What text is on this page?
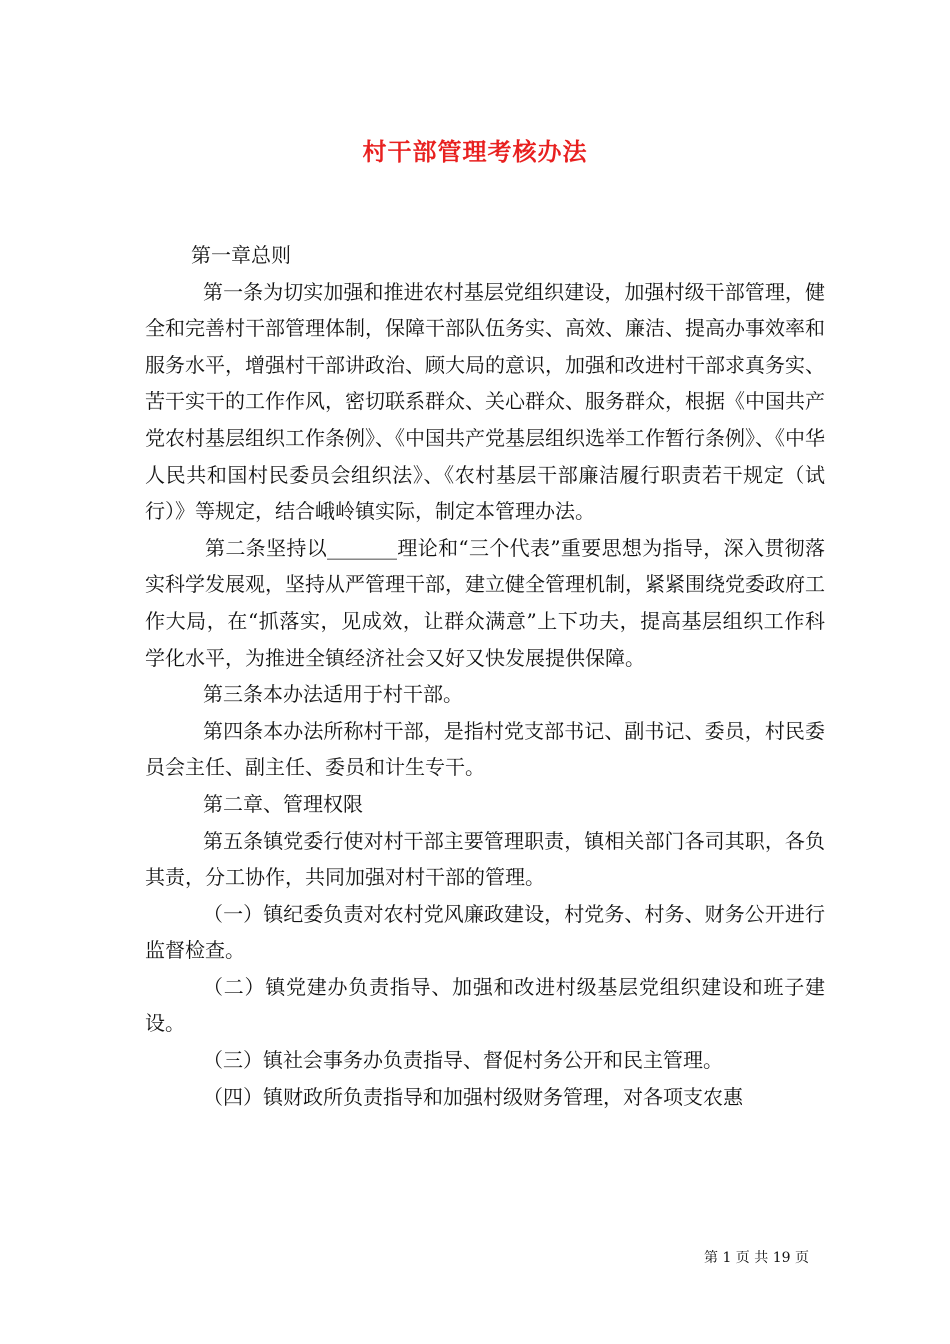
村干部管理考核办法

第一章总则

第一条为切实加强和推进农村基层党组织建设，加强村级干部管理，健全和完善村干部管理体制，保障干部队伍务实、高效、廉洁、提高办事效率和服务水平，增强村干部讲政治、顾大局的意识，加强和改进村干部求真务实、苦干实干的工作作风，密切联系群众、关心群众、服务群众，根据《中国共产党农村基层组织工作条例》、《中国共产党基层组织选举工作暂行条例》、《中华人民共和国村民委员会组织法》、《农村基层干部廉洁履行职责若干规定（试行）》等规定，结合峨岭镇实际，制定本管理办法。

第二条坚持以_______理论和“三个代表”重要思想为指导，深入贯彻落实科学发展观，坚持从严管理干部，建立健全管理机制，紧紧围绕党委政府工作大局，在“抓落实，见成效，让群众满意”上下功夫，提高基层组织工作科学化水平，为推进全镇经济社会又好又快发展提供保障。

第三条本办法适用于村干部。

第四条本办法所称村干部，是指村党支部书记、副书记、委员，村民委员会主任、副主任、委员和计生专干。

第二章、管理权限

第五条镇党委行使对村干部主要管理职责，镇相关部门各司其职，各负其责，分工协作，共同加强对村干部的管理。

（一）镇纪委负责对农村党风廉政建设，村党务、村务、财务公开进行监督检查。

（二）镇党建办负责指导、加强和改进村级基层党组织建设和班子建设。

（三）镇社会事务办负责指导、督促村务公开和民主管理。

（四）镇财政所负责指导和加强村级财务管理，对各项支农惠

第 1 页 共 19 页
